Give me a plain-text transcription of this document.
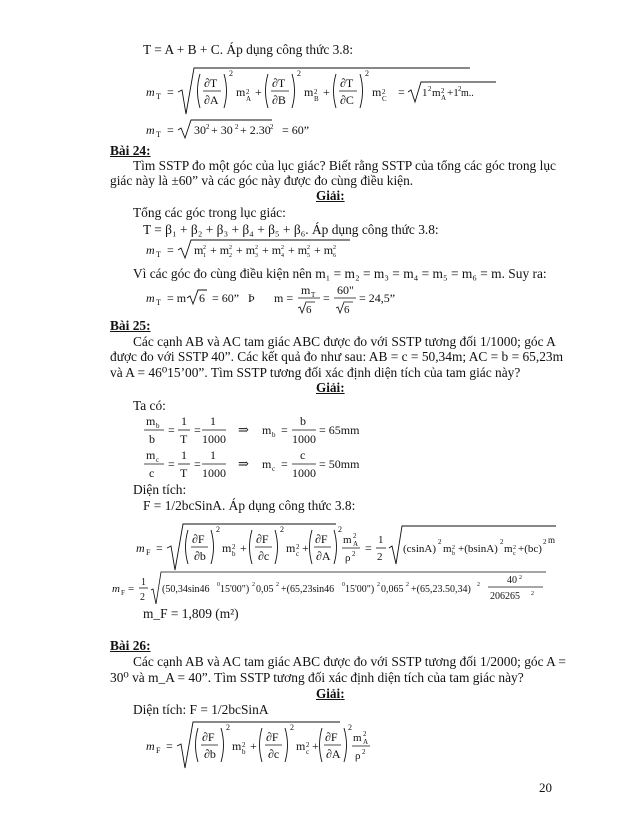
T = A + B + C. Áp dụng công thức 3.8:
m T =
∂T
∂A
2
m 2
A +
∂T
∂B
2
m 2
B +
∂T
∂C
2
m 2
C = 1 2 m 2
A +1 2 m..
m T = 30 2 + 30 2 + 2.30 2 = 60”
Bài 24:
Tìm SSTP đo một góc của lục giác? Biết rằng SSTP của tổng các góc trong lục
giác này là ±60” và các góc này được đo cùng điều kiện.
Giải:
Tổng các góc trong lục giác:
T = β₁ + β₂ + β₃ + β₄ + β₅ + β₆. Áp dụng công thức 3.8:
m T = m 2
1 + m 2
2 + m 2
3 + m 2
4 + m 2
5 + m 2
6
Vì các góc đo cùng điều kiện nên m₁ = m₂ = m₃ = m₄ = m₅ = m₆ = m. Suy ra:
m T = m 6 = 60” Þ m =
m T
6
=
60"
6
= 24,5”
Bài 25:
Các cạnh AB và AC tam giác ABC được đo với SSTP tương đối 1/1000; góc A
được đo với SSTP 40”. Các kết quả đo như sau: AB = c = 50,34m; AC = b = 65,23m
và A = 46⁰15’00”. Tìm SSTP tương đối xác định diện tích của tam giác này?
Giải:
Ta có:
m b
b
=
1
T
=
1
1000
⇒ m b =
b
1000
= 65mm
m c
c
=
1
T
=
1
1000
⇒ m c =
c
1000
= 50mm
Diện tích:
F = 1/2bcSinA. Áp dụng công thức 3.8:
m F =
∂F
∂b
2
m 2
b +
∂F
∂c
2
m 2
c +
∂F
∂A
2
m 2
A
ρ 2 =
1
2
(csinA)
2
m 2
b +(bsinA)
2
m 2
c +(bc)
2 m
m F =
1
2
(50,34sin46 0 15'00") 2 0,05 2 +(65,23sin46 0 15'00") 2 0,065 2 +(65,23.50,34) 2	40 2
206265 2
m_F = 1,809 (m²)
Bài 26:
Các cạnh AB và AC tam giác ABC được đo với SSTP tương đối 1/2000; góc A =
30⁰ và m_A = 40”. Tìm SSTP tương đối xác định diện tích của tam giác này?
Giải:
Diện tích: F = 1/2bcSinA
m F =
∂F
∂b
2
m 2
b +
∂F
∂c
2
m 2
c +
∂F
∂A
2
m 2
A
ρ 2
20
